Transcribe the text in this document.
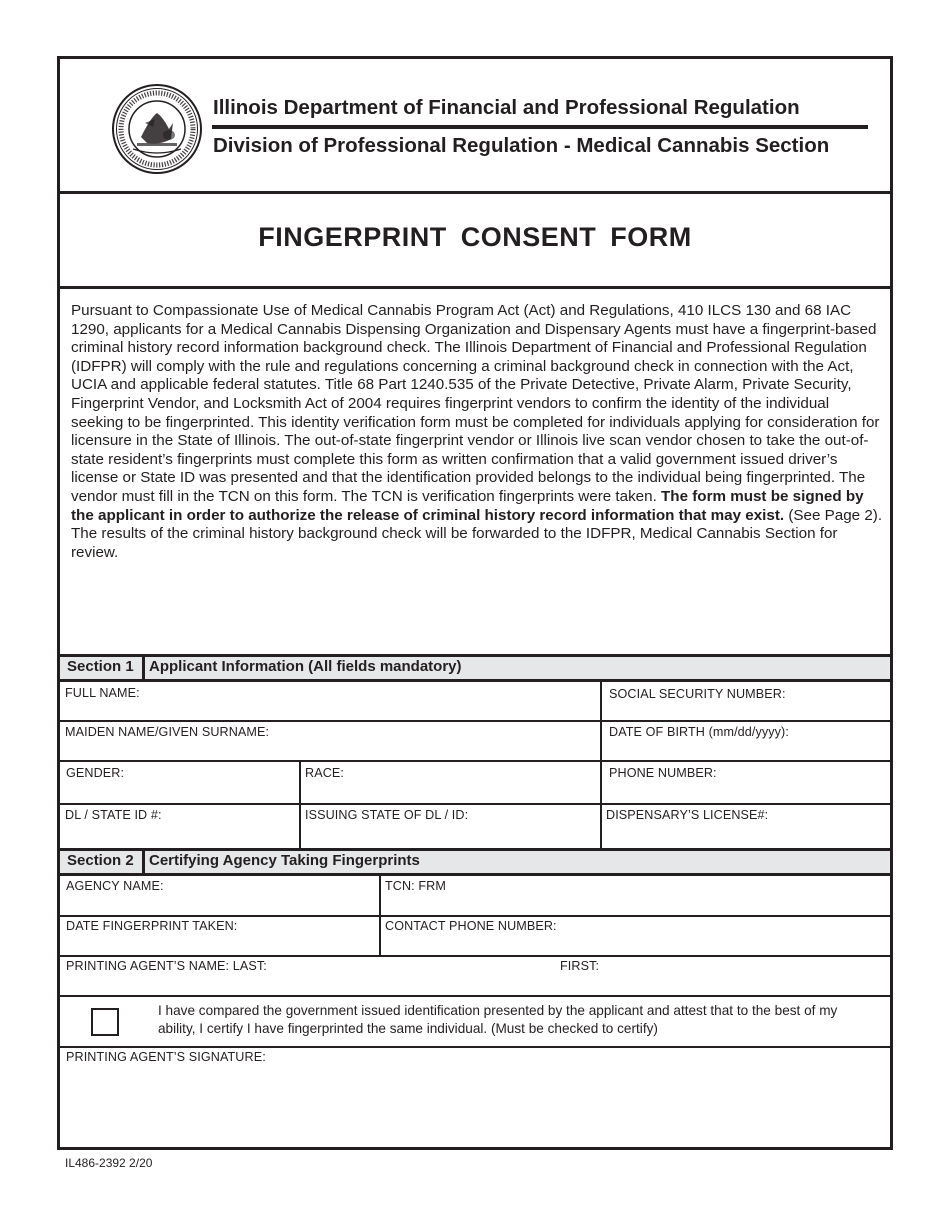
Illinois Department of Financial and Professional Regulation
Division of Professional Regulation - Medical Cannabis Section
FINGERPRINT CONSENT FORM
Pursuant to Compassionate Use of Medical Cannabis Program Act (Act) and Regulations, 410 ILCS 130 and 68 IAC 1290, applicants for a Medical Cannabis Dispensing Organization and Dispensary Agents must have a fingerprint-based criminal history record information background check. The Illinois Department of Financial and Professional Regulation (IDFPR) will comply with the rule and regulations concerning a criminal background check in connection with the Act, UCIA and applicable federal statutes. Title 68 Part 1240.535 of the Private Detective, Private Alarm, Private Security, Fingerprint Vendor, and Locksmith Act of 2004 requires fingerprint vendors to confirm the identity of the individual seeking to be fingerprinted. This identity verification form must be completed for individuals applying for consideration for licensure in the State of Illinois. The out-of-state fingerprint vendor or Illinois live scan vendor chosen to take the out-of-state resident’s fingerprints must complete this form as written confirmation that a valid government issued driver’s license or State ID was presented and that the identification provided belongs to the individual being fingerprinted. The vendor must fill in the TCN on this form. The TCN is verification fingerprints were taken. The form must be signed by the applicant in order to authorize the release of criminal history record information that may exist. (See Page 2). The results of the criminal history background check will be forwarded to the IDFPR, Medical Cannabis Section for review.
Section 1 Applicant Information (All fields mandatory)
FULL NAME:	SOCIAL SECURITY NUMBER:
MAIDEN NAME/GIVEN SURNAME:	DATE OF BIRTH (mm/dd/yyyy):
GENDER:	RACE:	PHONE NUMBER:
DL / STATE ID #:	ISSUING STATE OF DL / ID:	DISPENSARY’S LICENSE#:
Section 2 Certifying Agency Taking Fingerprints
AGENCY NAME:	TCN: FRM
DATE FINGERPRINT TAKEN:	CONTACT PHONE NUMBER:
PRINTING AGENT’S NAME: LAST:	FIRST:
I have compared the government issued identification presented by the applicant and attest that to the best of my ability, I certify I have fingerprinted the same individual. (Must be checked to certify)
PRINTING AGENT’S SIGNATURE:
IL486-2392 2/20
